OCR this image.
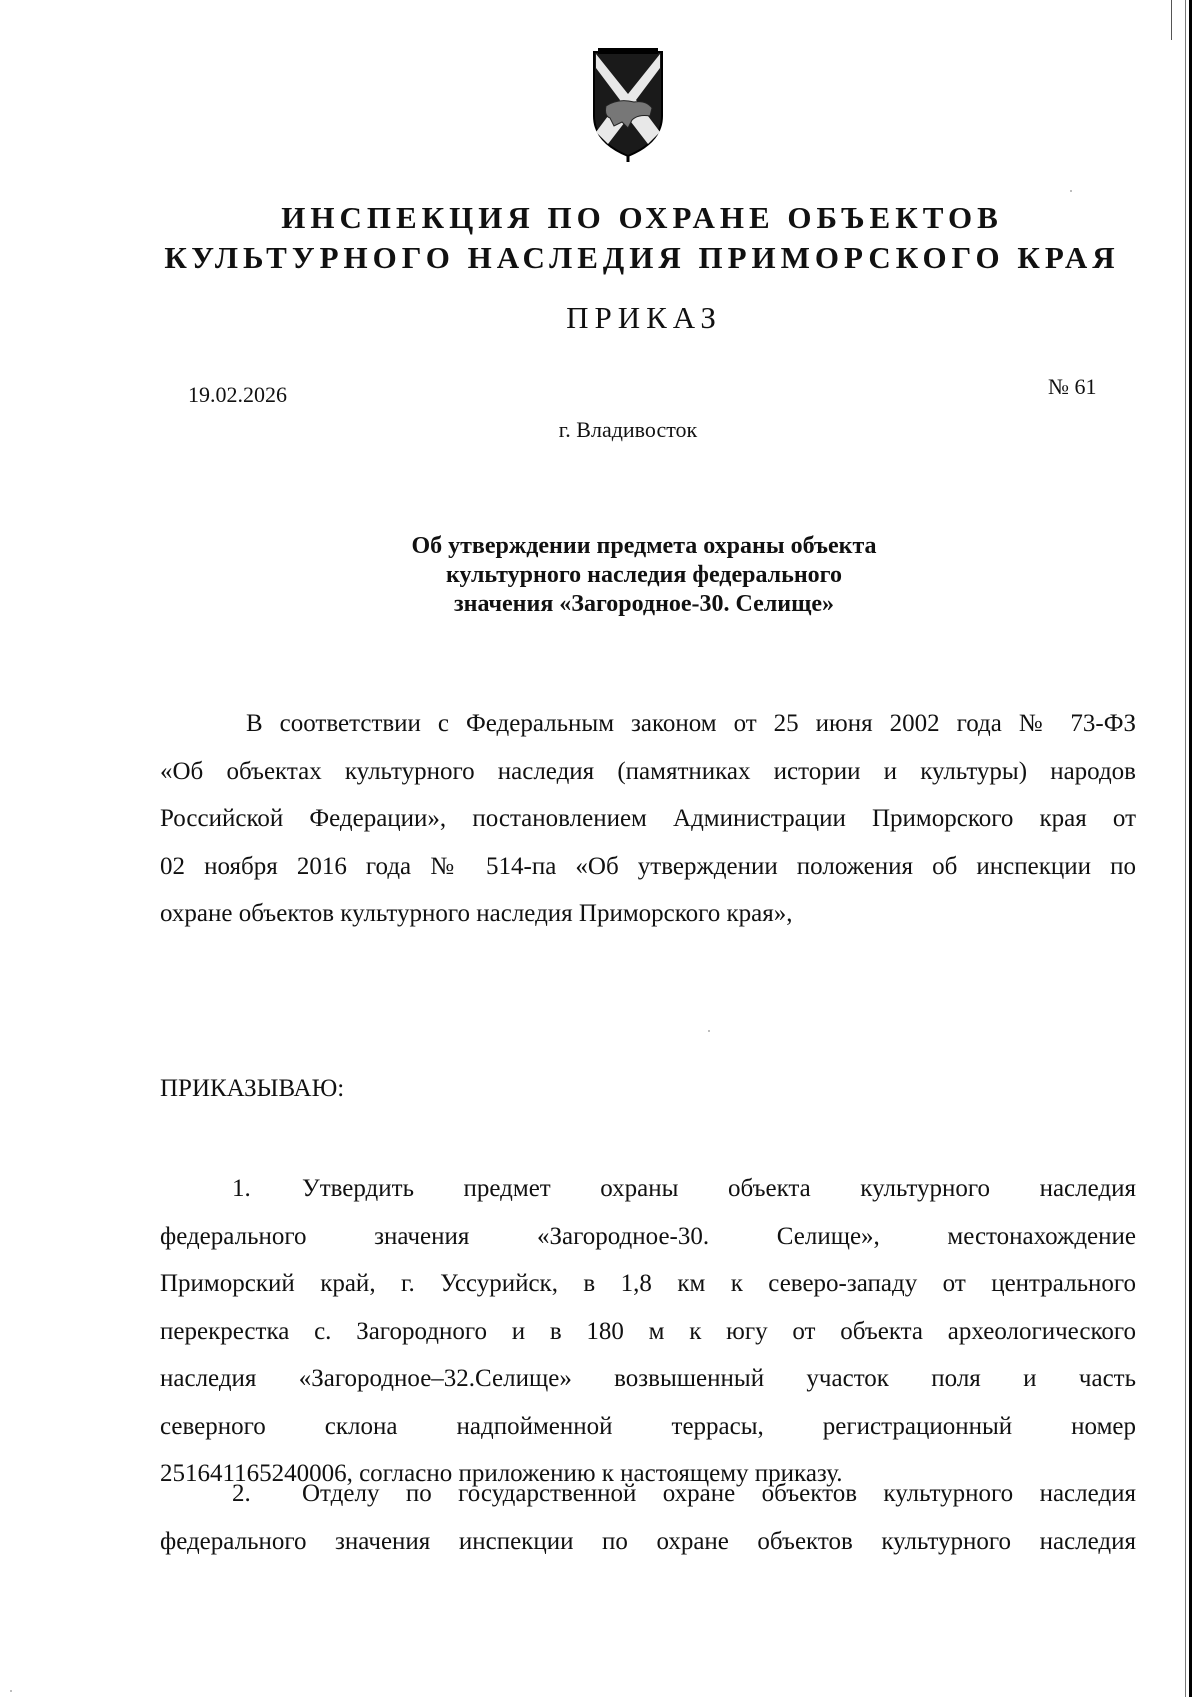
ИНСПЕКЦИЯ ПО ОХРАНЕ ОБЪЕКТОВ
КУЛЬТУРНОГО НАСЛЕДИЯ ПРИМОРСКОГО КРАЯ
ПРИКАЗ
19.02.2026	№ 61
г. Владивосток
Об утверждении предмета охраны объекта
культурного наследия федерального
значения «Загородное-30. Селище»
В соответствии с Федеральным законом от 25 июня 2002 года № 73-ФЗ
«Об объектах культурного наследия (памятниках истории и культуры) народов
Российской Федерации», постановлением Администрации Приморского края от
02 ноября 2016 года № 514-па «Об утверждении положения об инспекции по
охране объектов культурного наследия Приморского края»,
ПРИКАЗЫВАЮ:
1. Утвердить предмет охраны объекта культурного наследия
федерального значения «Загородное-30. Селище», местонахождение
Приморский край, г. Уссурийск, в 1,8 км к северо-западу от центрального
перекрестка с. Загородного и в 180 м к югу от объекта археологического
наследия «Загородное–32.Селище» возвышенный участок поля и часть
северного склона надпойменной террасы, регистрационный номер
251641165240006, согласно приложению к настоящему приказу.
2. Отделу по государственной охране объектов культурного наследия
федерального значения инспекции по охране объектов культурного наследия
